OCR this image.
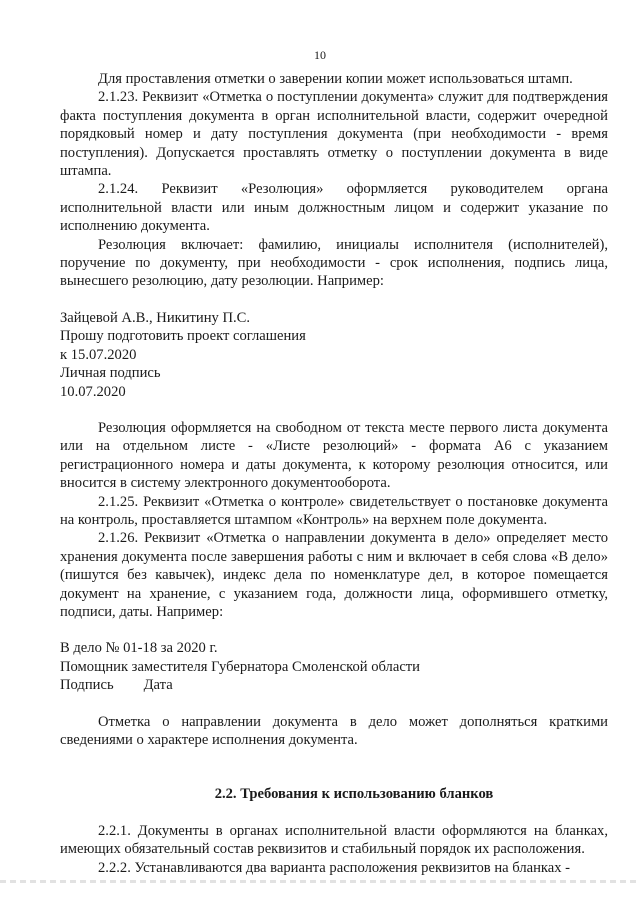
10

Для проставления отметки о заверении копии может использоваться штамп.

2.1.23. Реквизит «Отметка о поступлении документа» служит для подтверждения факта поступления документа в орган исполнительной власти, содержит очередной порядковый номер и дату поступления документа (при необходимости - время поступления). Допускается проставлять отметку о поступлении документа в виде штампа.

2.1.24. Реквизит «Резолюция» оформляется руководителем органа исполнительной власти или иным должностным лицом и содержит указание по исполнению документа.

Резолюция включает: фамилию, инициалы исполнителя (исполнителей), поручение по документу, при необходимости - срок исполнения, подпись лица, вынесшего резолюцию, дату резолюции. Например:

Зайцевой А.В., Никитину П.С.

Прошу подготовить проект соглашения

к 15.07.2020

Личная подпись

10.07.2020

Резолюция оформляется на свободном от текста месте первого листа документа или на отдельном листе - «Листе резолюций» - формата А6 с указанием регистрационного номера и даты документа, к которому резолюция относится, или вносится в систему электронного документооборота.

2.1.25. Реквизит «Отметка о контроле» свидетельствует о постановке документа на контроль, проставляется штампом «Контроль» на верхнем поле документа.

2.1.26. Реквизит «Отметка о направлении документа в дело» определяет место хранения документа после завершения работы с ним и включает в себя слова «В дело» (пишутся без кавычек), индекс дела по номенклатуре дел, в которое помещается документ на хранение, с указанием года, должности лица, оформившего отметку, подписи, даты. Например:

В дело № 01-18 за 2020 г.

Помощник заместителя Губернатора Смоленской области

Подпись Дата

Отметка о направлении документа в дело может дополняться краткими сведениями о характере исполнения документа.

2.2. Требования к использованию бланков

2.2.1. Документы в органах исполнительной власти оформляются на бланках, имеющих обязательный состав реквизитов и стабильный порядок их расположения.

2.2.2. Устанавливаются два варианта расположения реквизитов на бланках -
